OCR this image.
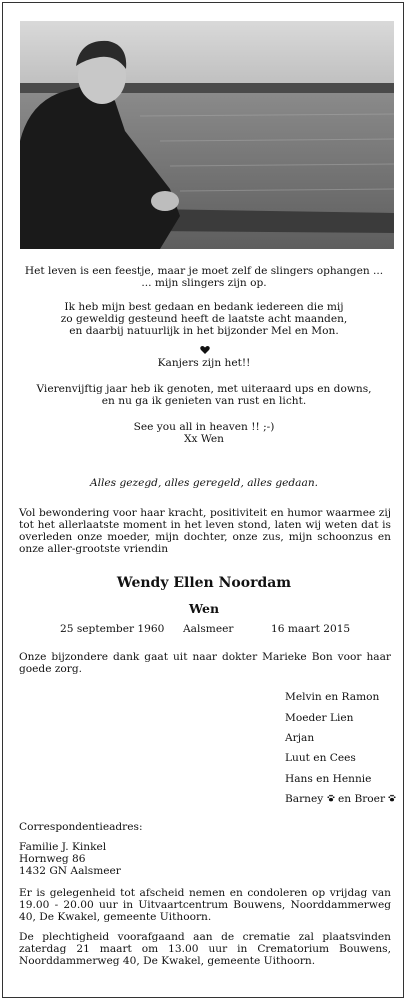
Het leven is een feestje, maar je moet zelf de slingers ophangen ...
... mijn slingers zijn op.
Ik heb mijn best gedaan en bedank iedereen die mij
zo geweldig gesteund heeft de laatste acht maanden,
en daarbij natuurlijk in het bijzonder Mel en Mon.
Kanjers zijn het!!
Vierenvijftig jaar heb ik genoten, met uiteraard ups en downs,
en nu ga ik genieten van rust en licht.
See you all in heaven !! ;-)
Xx Wen
Alles gezegd, alles geregeld, alles gedaan.
Vol bewondering voor haar kracht, positiviteit en humor waarmee zij tot het allerlaatste moment in het leven stond, laten wij weten dat is overleden onze moeder, mijn dochter, onze zus, mijn schoonzus en onze aller-grootste vriendin
Wendy Ellen Noordam
Wen
25 september 1960 Aalsmeer	16 maart 2015
Onze bijzondere dank gaat uit naar dokter Marieke Bon voor haar goede zorg.
Melvin en Ramon
Moeder Lien
Arjan
Luut en Cees
Hans en Hennie
Barney en Broer
Correspondentieadres:
Familie J. Kinkel
Hornweg 86
1432 GN Aalsmeer
Er is gelegenheid tot afscheid nemen en condoleren op vrijdag van 19.00 - 20.00 uur in Uitvaartcentrum Bouwens, Noorddammerweg 40, De Kwakel, gemeente Uithoorn.
De plechtigheid voorafgaand aan de crematie zal plaatsvinden zaterdag 21 maart om 13.00 uur in Crematorium Bouwens, Noorddammerweg 40, De Kwakel, gemeente Uithoorn.
